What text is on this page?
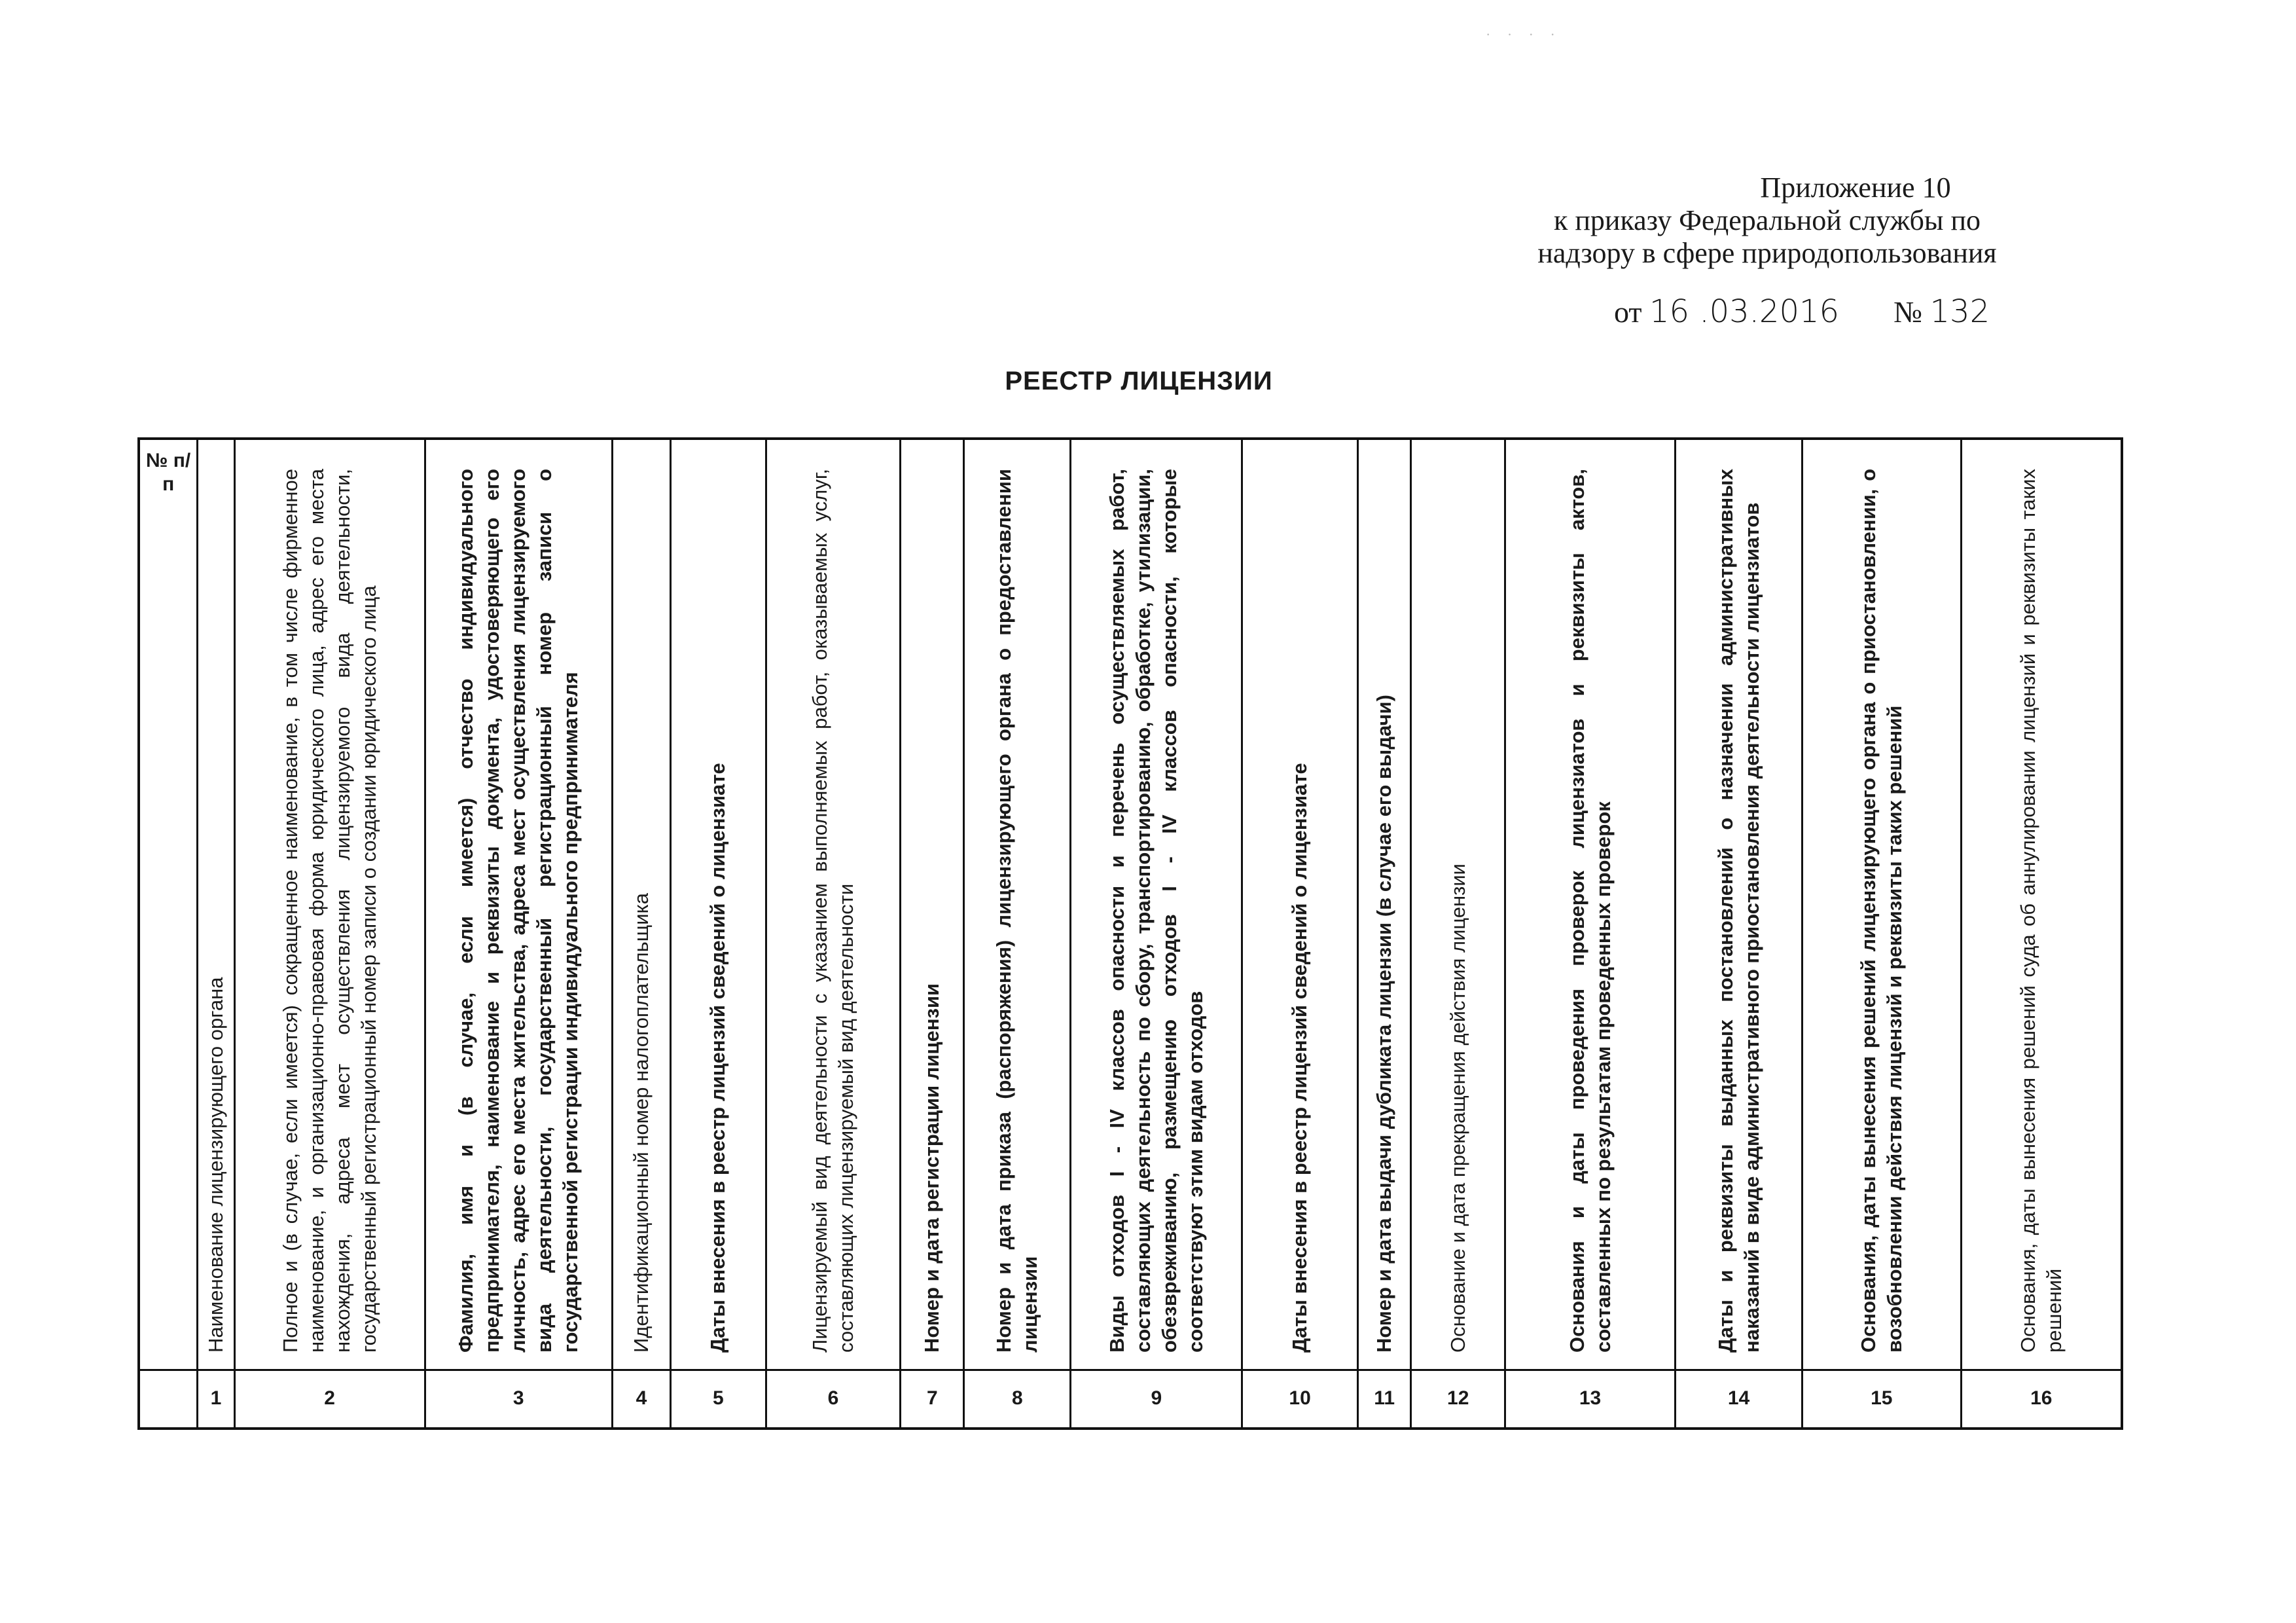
· · · ·
Приложение 10
к приказу Федеральной службы по
надзору в сфере природопользования
от 16 .03.2016 № 132
РЕЕСТР ЛИЦЕНЗИИ
№ п/п
Наименование лицензирующего органа
1
Полное и (в случае, если имеется) сокращенное наименование, в том числе фирменное наименование, и организационно-правовая форма юридического лица, адрес его места нахождения, адреса мест осуществления лицензируемого вида деятельности, государственный регистрационный номер записи о создании юридического лица
2
Фамилия, имя и (в случае, если имеется) отчество индивидуального предпринимателя, наименование и реквизиты документа, удостоверяющего его личность, адрес его места жительства, адреса мест осуществления лицензируемого вида деятельности, государственный регистрационный номер записи о государственной регистрации индивидуального предпринимателя
3
Идентификационный номер налогоплательщика
4
Даты внесения в реестр лицензий сведений о лицензиате
5
Лицензируемый вид деятельности с указанием выполняемых работ, оказываемых услуг, составляющих лицензируемый вид деятельности
6
Номер и дата регистрации лицензии
7
Номер и дата приказа (распоряжения) лицензирующего органа о предоставлении лицензии
8
Виды отходов I - IV классов опасности и перечень осуществляемых работ, составляющих деятельность по сбору, транспортированию, обработке, утилизации, обезвреживанию, размещению отходов I - IV классов опасности, которые соответствуют этим видам отходов
9
Даты внесения в реестр лицензий сведений о лицензиате
10
Номер и дата выдачи дубликата лицензии (в случае его выдачи)
11
Основание и дата прекращения действия лицензии
12
Основания и даты проведения проверок лицензиатов и реквизиты актов, составленных по результатам проведенных проверок
13
Даты и реквизиты выданных постановлений о назначении административных наказаний в виде административного приостановления деятельности лицензиатов
14
Основания, даты вынесения решений лицензирующего органа о приостановлении, о возобновлении действия лицензий и реквизиты таких решений
15
Основания, даты вынесения решений суда об аннулировании лицензий и реквизиты таких решений
16
